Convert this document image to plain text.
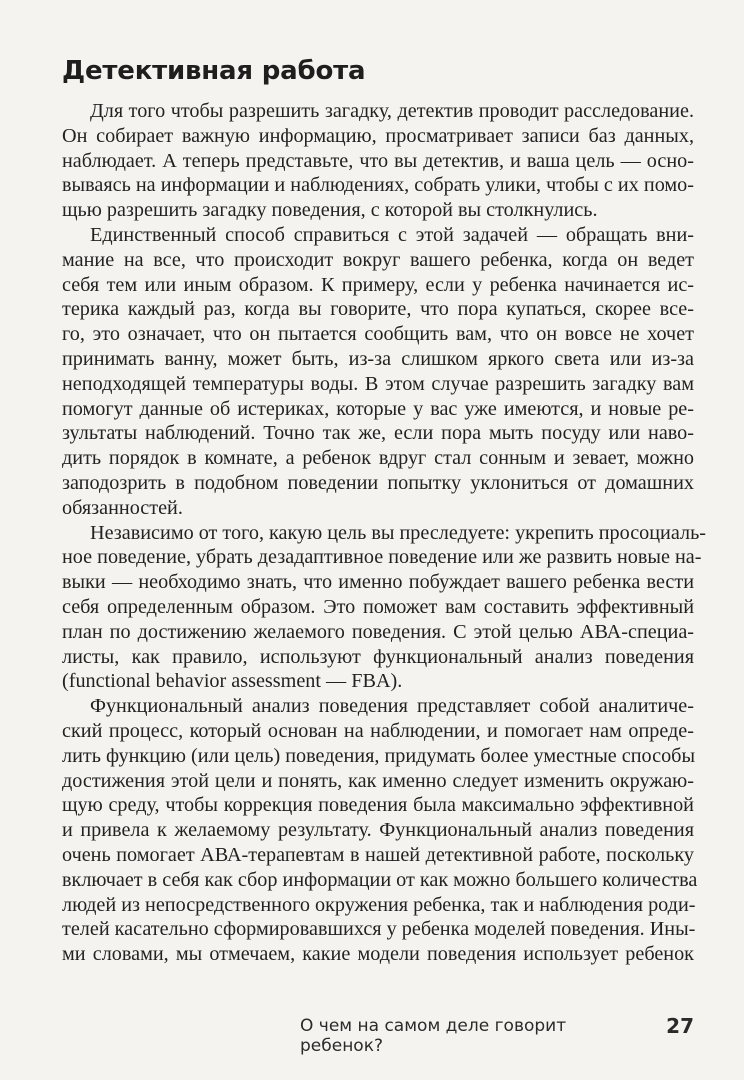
Детективная работа
Для того чтобы разрешить загадку, детектив проводит расследование.
Он собирает важную информацию, просматривает записи баз данных,
наблюдает. А теперь представьте, что вы детектив, и ваша цель — осно-
вываясь на информации и наблюдениях, собрать улики, чтобы с их помо-
щью разрешить загадку поведения, с которой вы столкнулись.
Единственный способ справиться с этой задачей — обращать вни-
мание на все, что происходит вокруг вашего ребенка, когда он ведет
себя тем или иным образом. К примеру, если у ребенка начинается ис-
терика каждый раз, когда вы говорите, что пора купаться, скорее все-
го, это означает, что он пытается сообщить вам, что он вовсе не хочет
принимать ванну, может быть, из-за слишком яркого света или из-за
неподходящей температуры воды. В этом случае разрешить загадку вам
помогут данные об истериках, которые у вас уже имеются, и новые ре-
зультаты наблюдений. Точно так же, если пора мыть посуду или наво-
дить порядок в комнате, а ребенок вдруг стал сонным и зевает, можно
заподозрить в подобном поведении попытку уклониться от домашних
обязанностей.
Независимо от того, какую цель вы преследуете: укрепить просоциаль-
ное поведение, убрать дезадаптивное поведение или же развить новые на-
выки — необходимо знать, что именно побуждает вашего ребенка вести
себя определенным образом. Это поможет вам составить эффективный
план по достижению желаемого поведения. С этой целью АВА-специа-
листы, как правило, используют функциональный анализ поведения
(functional behavior assessment — FBA).
Функциональный анализ поведения представляет собой аналитиче-
ский процесс, который основан на наблюдении, и помогает нам опреде-
лить функцию (или цель) поведения, придумать более уместные способы
достижения этой цели и понять, как именно следует изменить окружаю-
щую среду, чтобы коррекция поведения была максимально эффективной
и привела к желаемому результату. Функциональный анализ поведения
очень помогает АВА-терапевтам в нашей детективной работе, поскольку
включает в себя как сбор информации от как можно большего количества
людей из непосредственного окружения ребенка, так и наблюдения роди-
телей касательно сформировавшихся у ребенка моделей поведения. Ины-
ми словами, мы отмечаем, какие модели поведения использует ребенок
О чем на самом деле говорит ребенок?
27
